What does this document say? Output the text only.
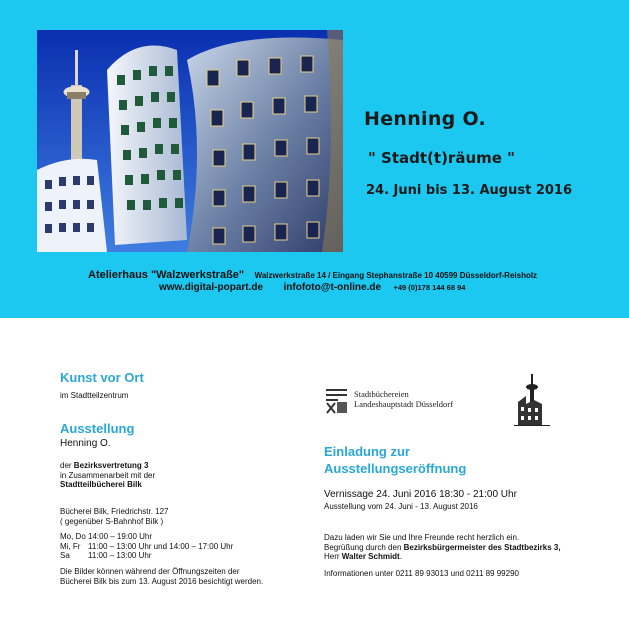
Henning O.
" Stadt(t)räume "
24. Juni bis 13. August 2016
Atelierhaus "Walzwerkstraße" Walzwerkstraße 14 / Eingang Stephanstraße 10 40599 Düsseldorf-Reisholz
www.digital-popart.de infofoto@t-online.de +49 (0)178 144 68 94
Kunst vor Ort
im Stadtteilzentrum
Ausstellung
Henning O.
der Bezirksvertretung 3
in Zusammenarbeit mit der
Stadtteilbücherei Bilk
Bücherei Bilk, Friedrichstr. 127
( gegenüber S-Bahnhof Bilk )
Mo, Do	14:00 – 19:00 Uhr
Mi, Fr	11:00 – 13:00 Uhr und 14:00 – 17:00 Uhr
Sa	11:00 – 13:00 Uhr
Die Bilder können während der Öffnungszeiten der
Bücherei Bilk bis zum 13. August 2016 besichtigt werden.
Stadtbüchereien
Landeshauptstadt Düsseldorf
Einladung zur
Ausstellungseröffnung
Vernissage 24. Juni 2016 18:30 - 21:00 Uhr
Ausstellung vom 24. Juni - 13. August 2016
Dazu laden wir Sie und Ihre Freunde recht herzlich ein.
Begrüßung durch den Bezirksbürgermeister des Stadtbezirks 3,
Herr Walter Schmidt.
Informationen unter 0211 89 93013 und 0211 89 99290
